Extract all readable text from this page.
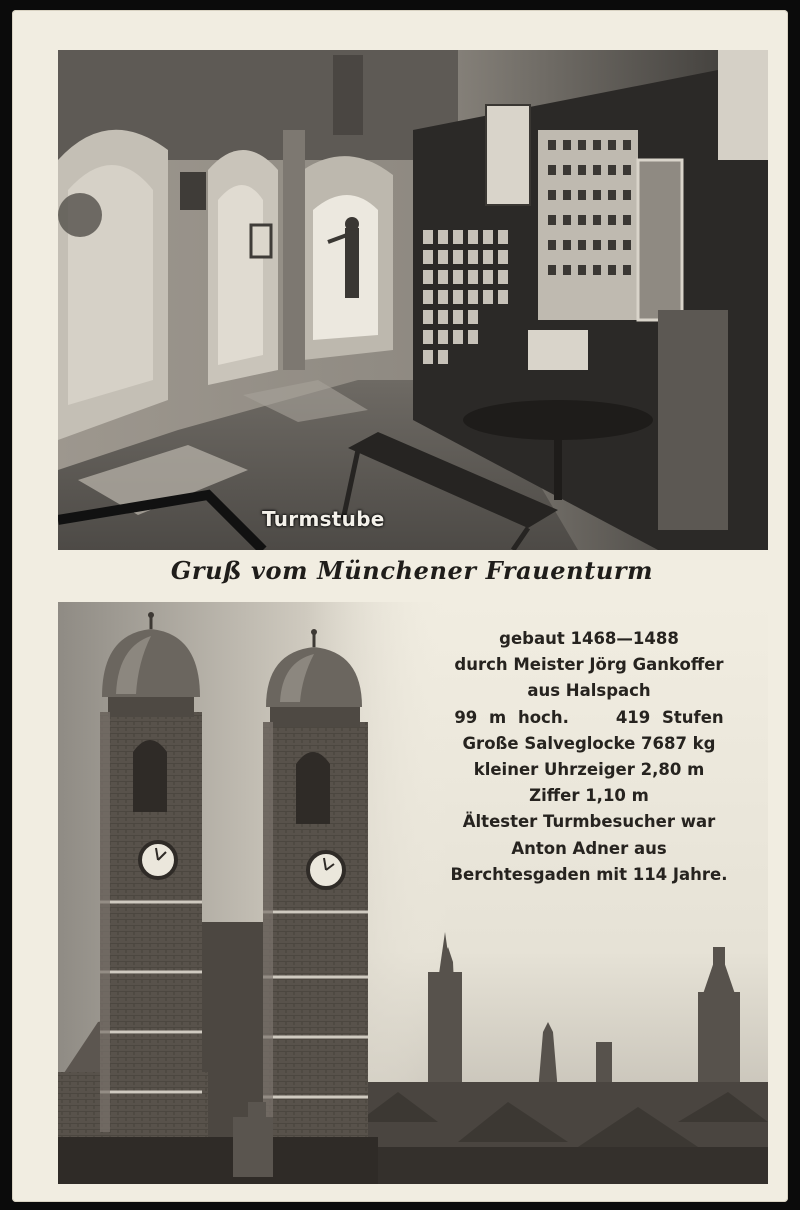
Turmstube
Gruß vom Münchener Frauenturm
gebaut 1468—1488
durch Meister Jörg Gankoffer
aus Halspach
99 m hoch.    419 Stufen
Große Salveglocke 7687 kg
kleiner Uhrzeiger 2,80 m
Ziffer 1,10 m
Ältester Turmbesucher war
Anton Adner aus
Berchtesgaden mit 114 Jahre.
